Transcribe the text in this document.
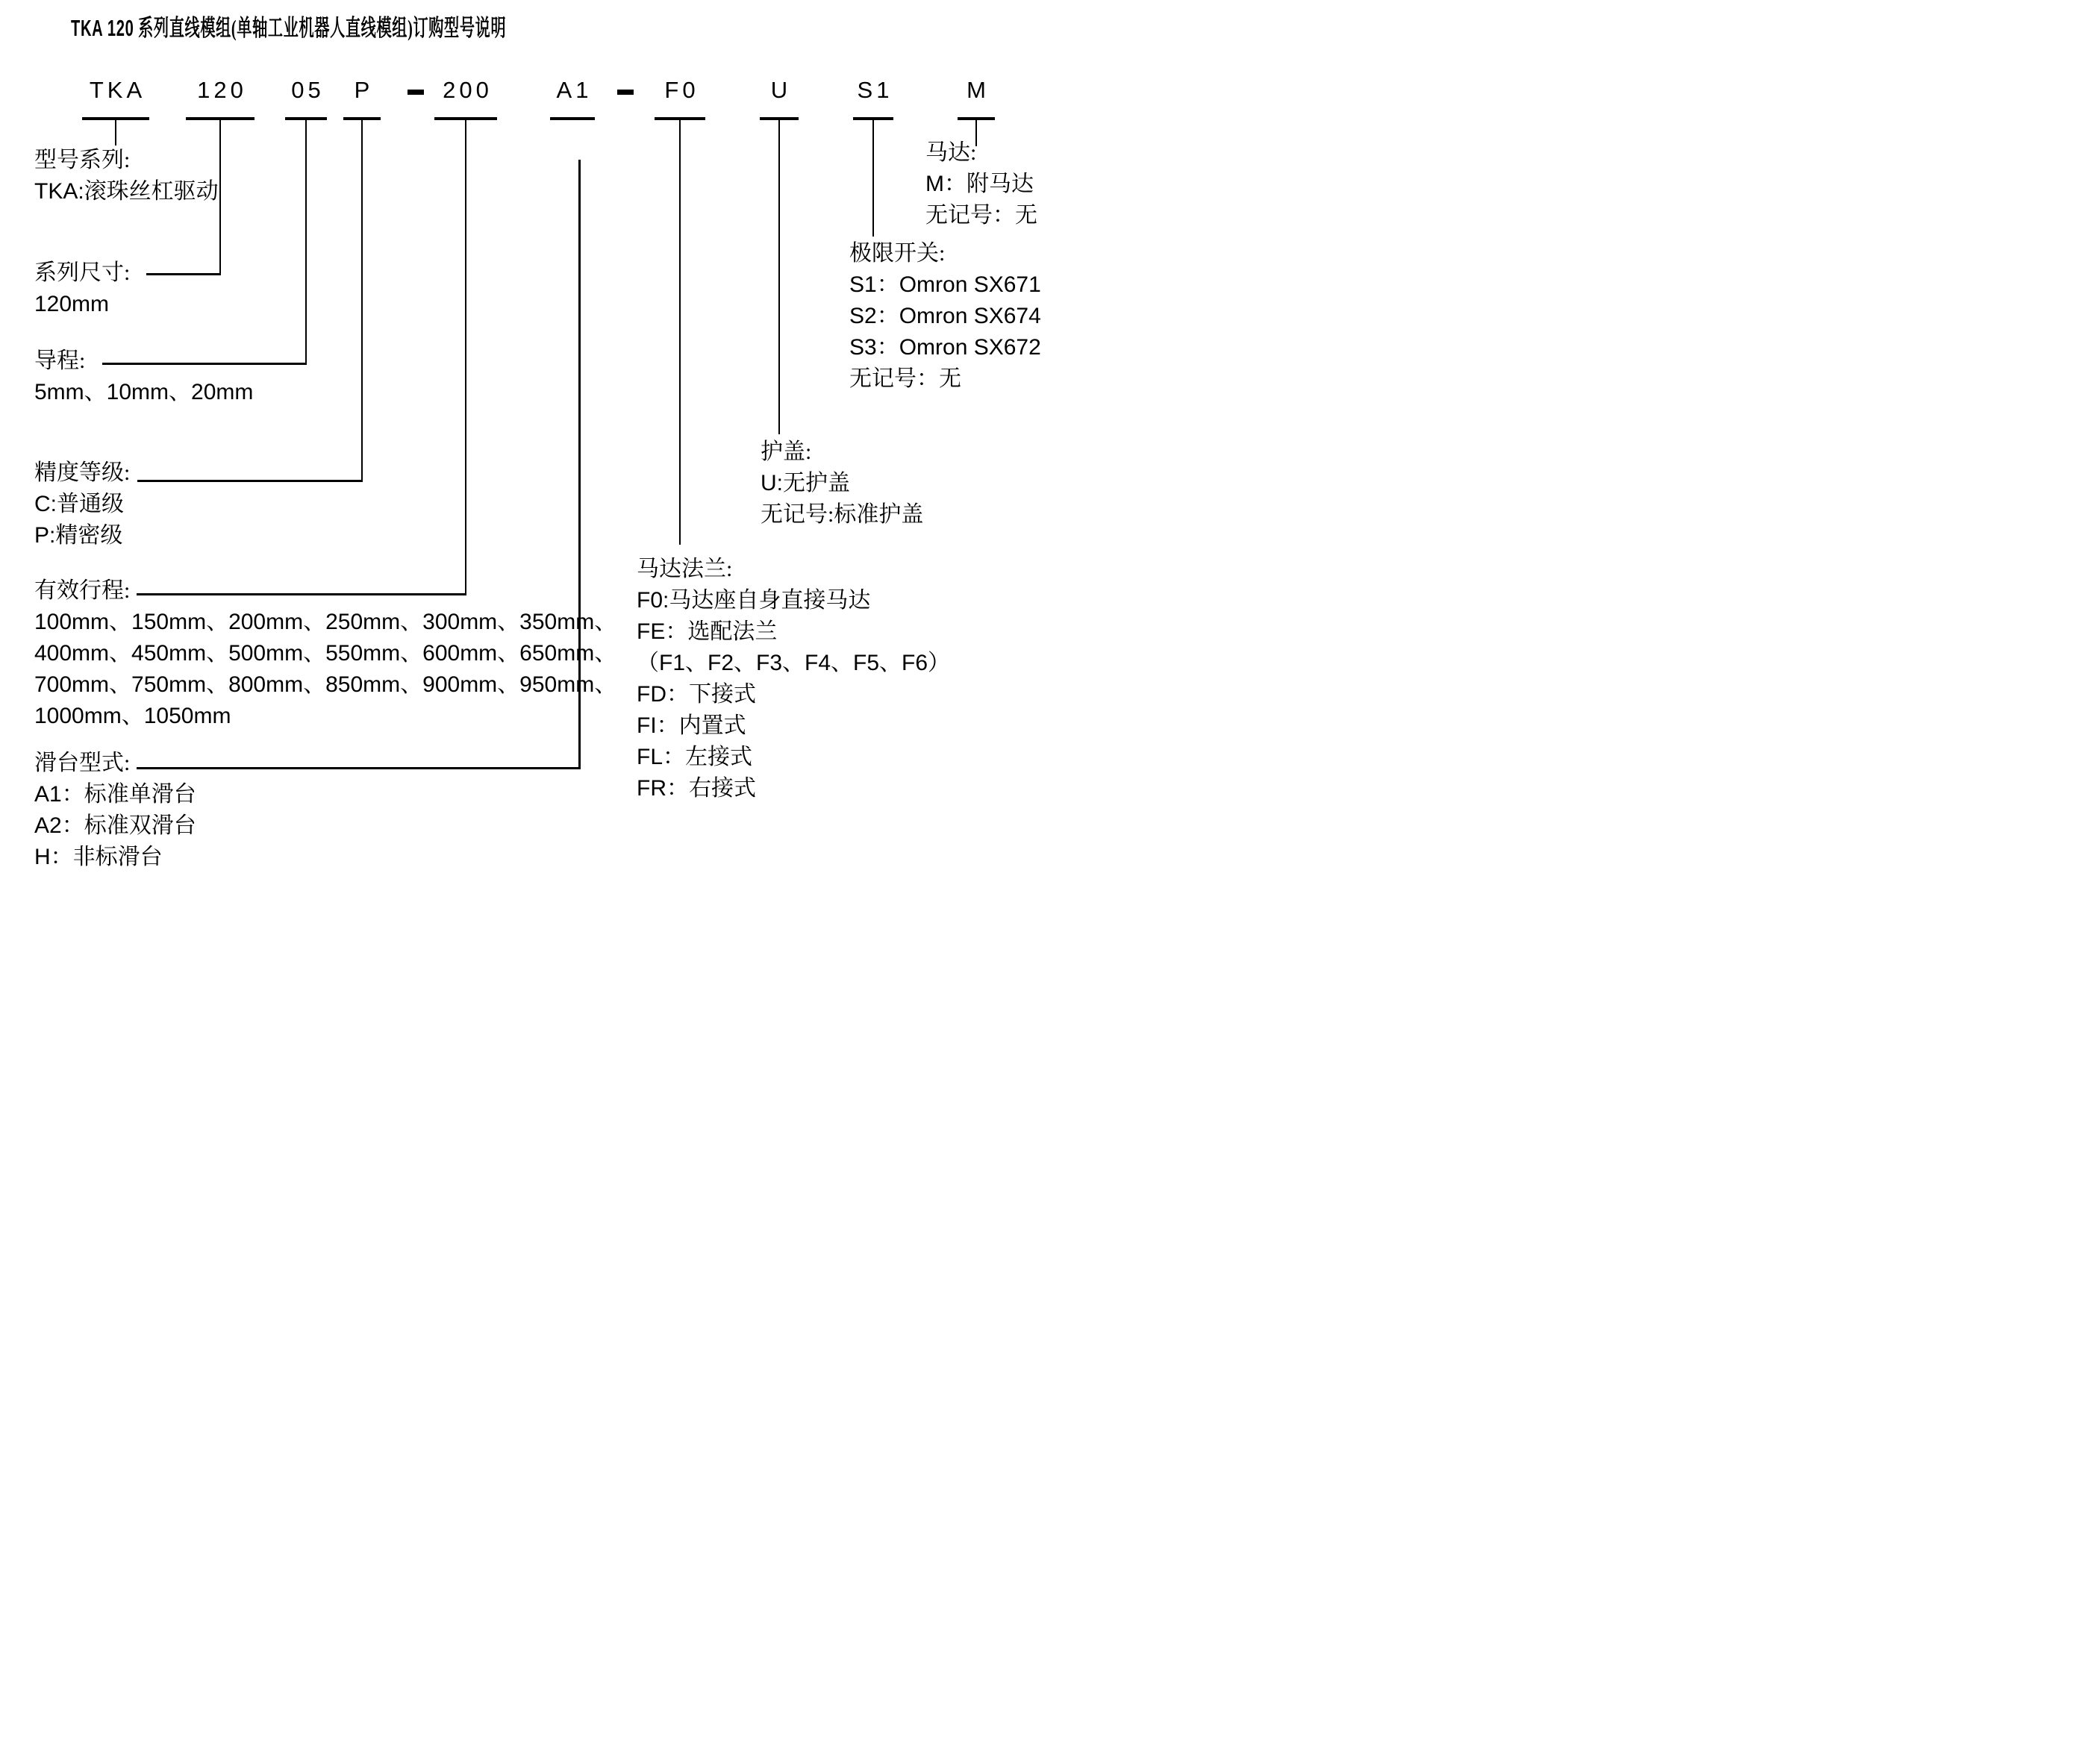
TKA 120 系列直线模组(单轴工业机器人直线模组)订购型号说明
TKA	120	05	P	200	A1	F0	U	S1	M
型号系列:
TKA:滚珠丝杠驱动
系列尺寸:
120mm
导程:
5mm、10mm、20mm
精度等级:
C:普通级
P:精密级
有效行程:
100mm、150mm、200mm、250mm、300mm、350mm、
400mm、450mm、500mm、550mm、600mm、650mm、
700mm、750mm、800mm、850mm、900mm、950mm、
1000mm、1050mm
滑台型式:
A1：标准单滑台
A2：标准双滑台
H：非标滑台
马达法兰:
F0:马达座自身直接马达
FE：选配法兰
（F1、F2、F3、F4、F5、F6）
FD：下接式
FI：内置式
FL：左接式
FR：右接式
护盖:
U:无护盖
无记号:标准护盖
极限开关:
S1：Omron SX671
S2：Omron SX674
S3：Omron SX672
无记号：无
马达:
M：附马达
无记号：无
